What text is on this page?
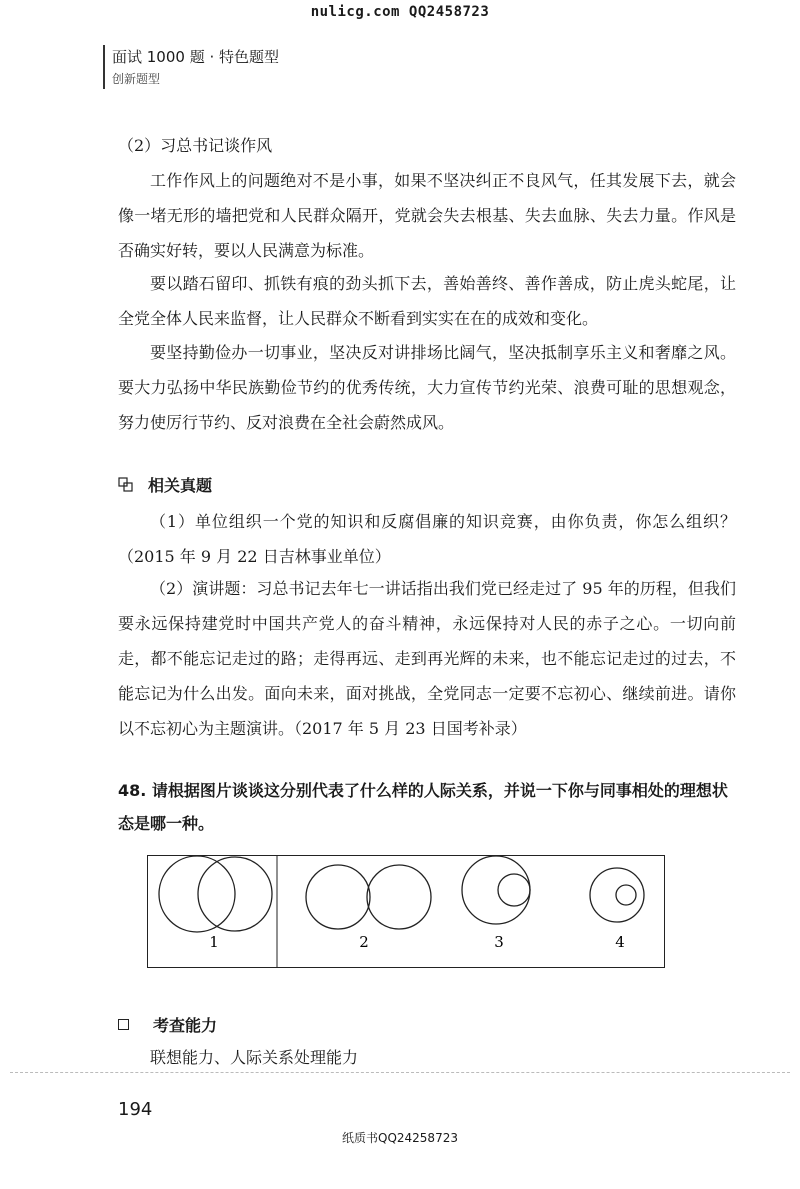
nulicg.com QQ2458723
面试 1000 题 · 特色题型
创新题型
（2）习总书记谈作风
工作作风上的问题绝对不是小事，如果不坚决纠正不良风气，任其发展下去，就会像一堵无形的墙把党和人民群众隔开，党就会失去根基、失去血脉、失去力量。作风是否确实好转，要以人民满意为标准。
要以踏石留印、抓铁有痕的劲头抓下去，善始善终、善作善成，防止虎头蛇尾，让全党全体人民来监督，让人民群众不断看到实实在在的成效和变化。
要坚持勤俭办一切事业，坚决反对讲排场比阔气，坚决抵制享乐主义和奢靡之风。要大力弘扬中华民族勤俭节约的优秀传统，大力宣传节约光荣、浪费可耻的思想观念，努力使厉行节约、反对浪费在全社会蔚然成风。
相关真题
（1）单位组织一个党的知识和反腐倡廉的知识竞赛，由你负责，你怎么组织？（2015 年 9 月 22 日吉林事业单位）
（2）演讲题：习总书记去年七一讲话指出我们党已经走过了 95 年的历程，但我们要永远保持建党时中国共产党人的奋斗精神，永远保持对人民的赤子之心。一切向前走，都不能忘记走过的路；走得再远、走到再光辉的未来，也不能忘记走过的过去，不能忘记为什么出发。面向未来，面对挑战，全党同志一定要不忘初心、继续前进。请你以不忘初心为主题演讲。（2017 年 5 月 23 日国考补录）
48. 请根据图片谈谈这分别代表了什么样的人际关系，并说一下你与同事相处的理想状态是哪一种。
1	2	3	4
考查能力
联想能力、人际关系处理能力
194
纸质书QQ24258723
